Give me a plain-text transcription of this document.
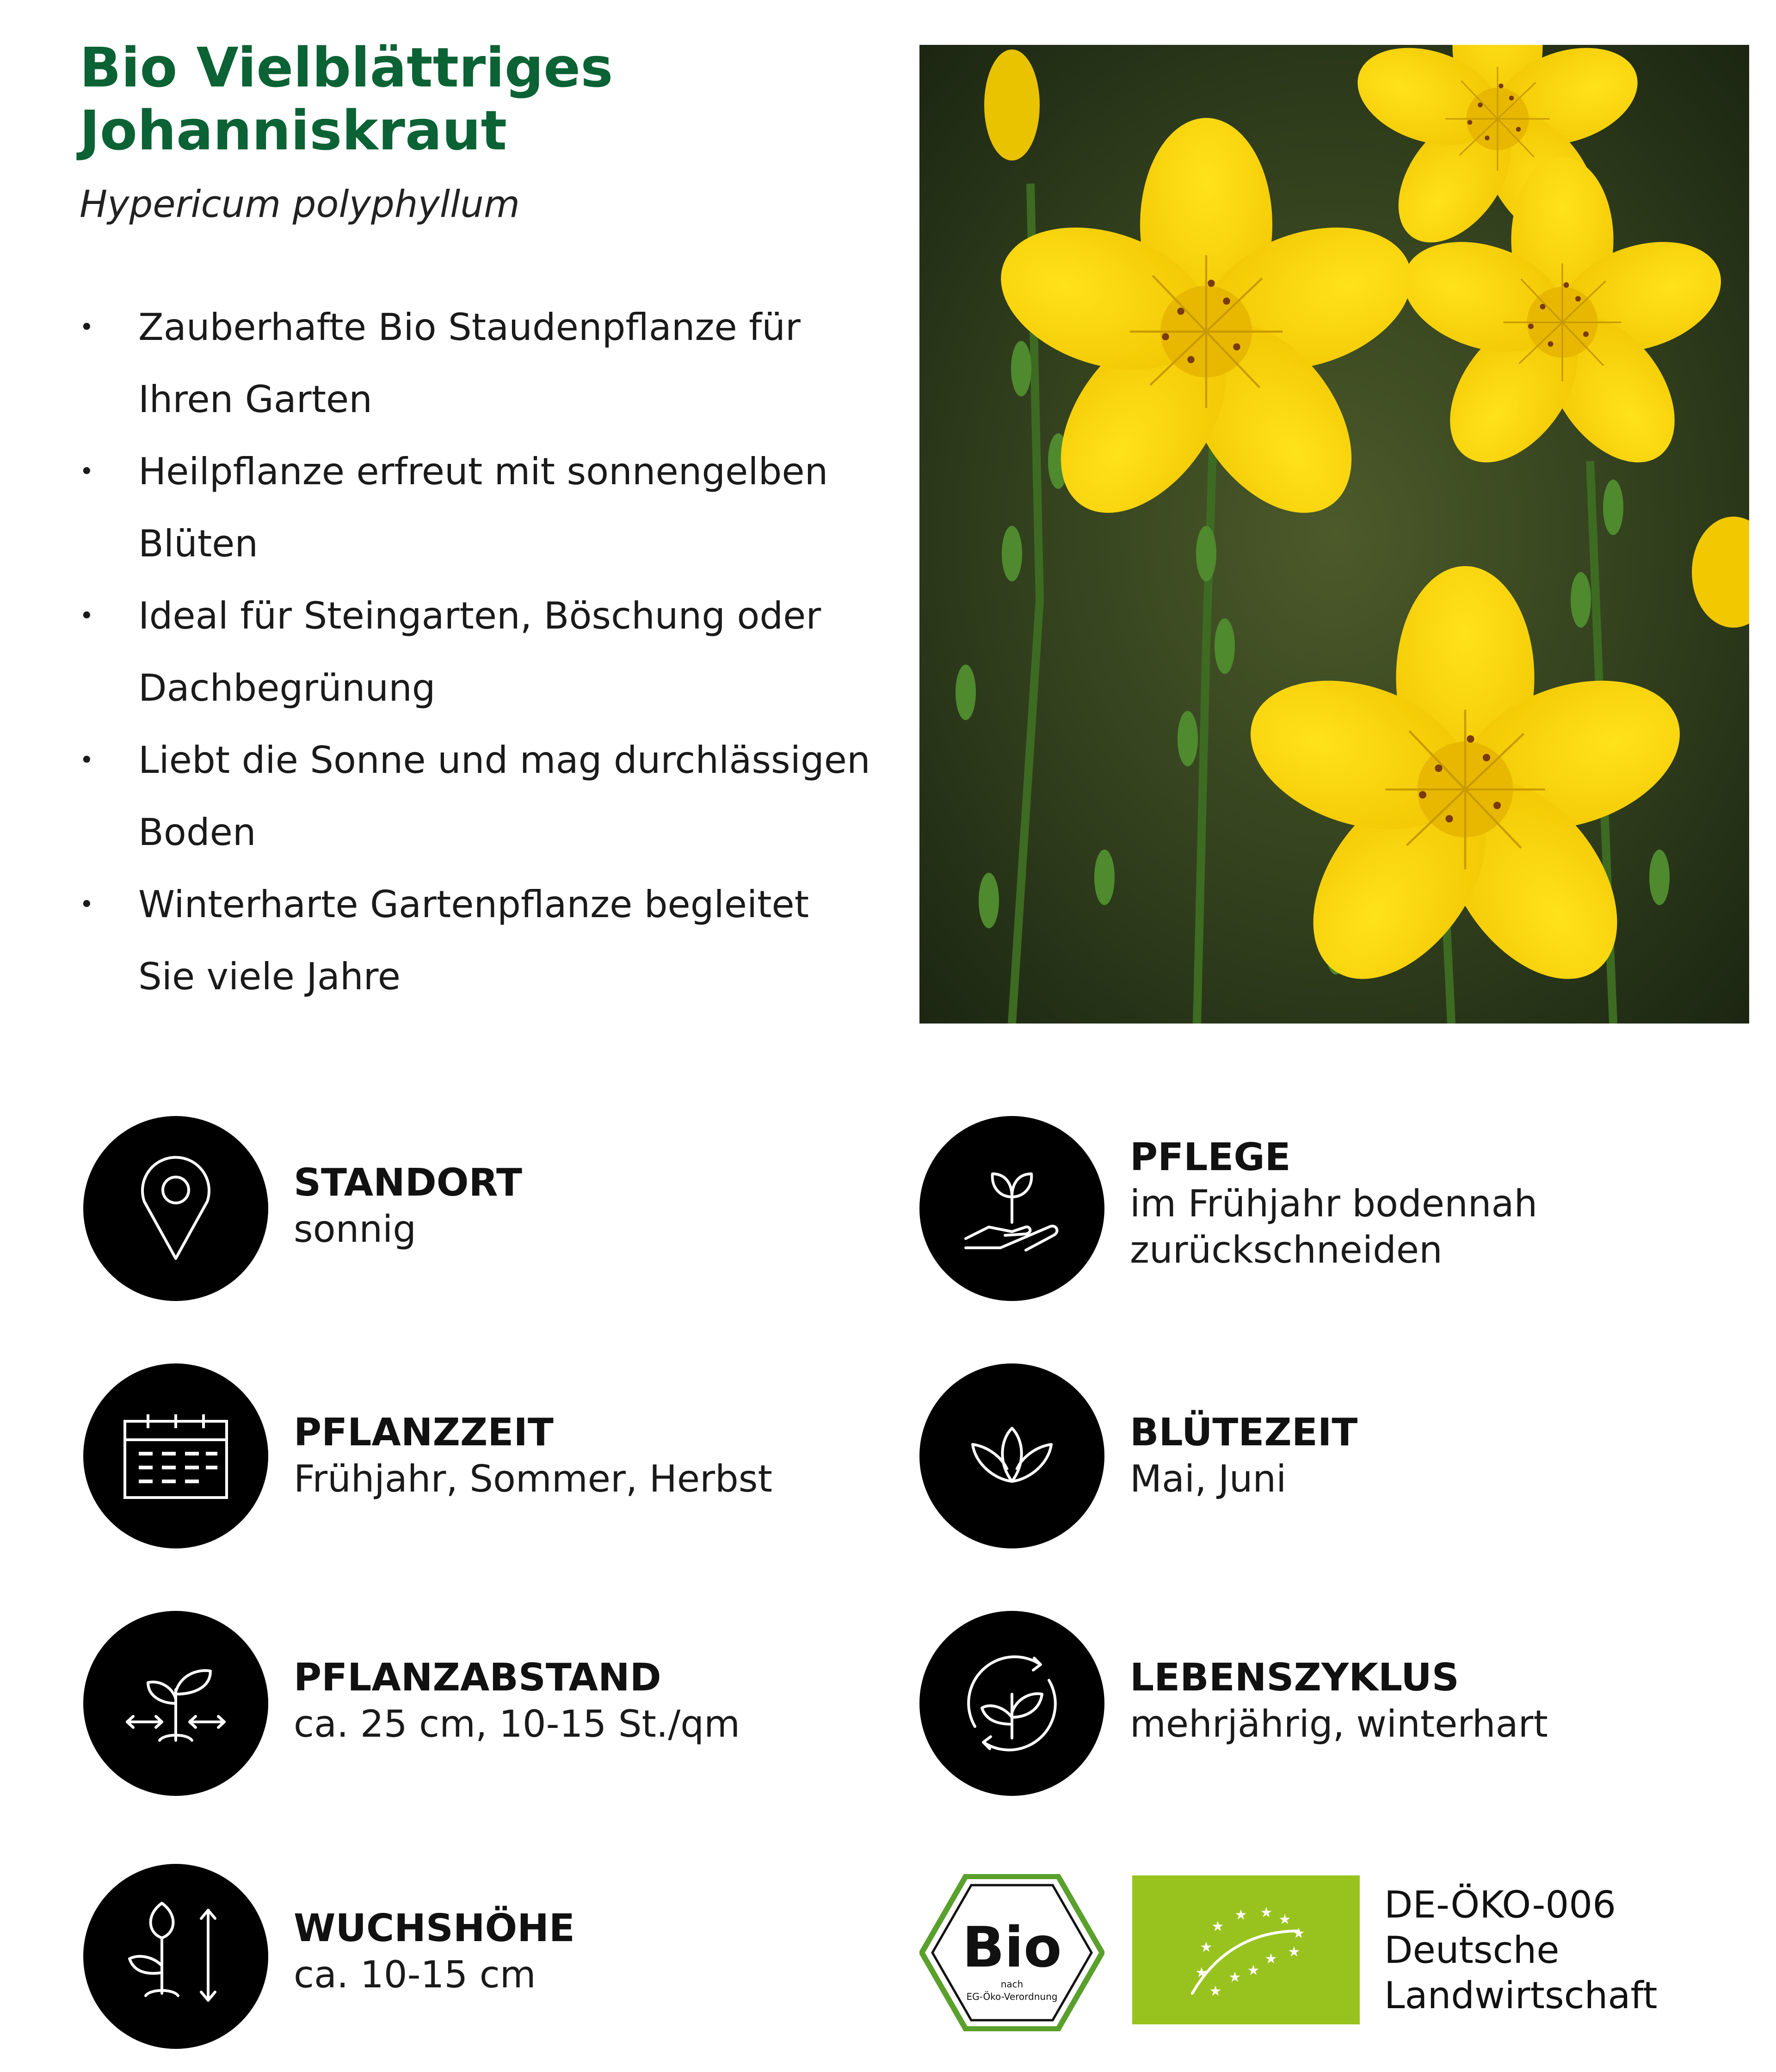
Bio Vielblättriges
Johanniskraut
Hypericum polyphyllum
• Zauberhafte Bio Staudenpflanze für
Ihren Garten
• Heilpflanze erfreut mit sonnengelben
Blüten
• Ideal für Steingarten, Böschung oder
Dachbegrünung
• Liebt die Sonne und mag durchlässigen
Boden
• Winterharte Gartenpflanze begleitet
Sie viele Jahre
STANDORT
sonnig
PFLEGE
im Frühjahr bodennah
zurückschneiden
PFLANZZEIT
Frühjahr, Sommer, Herbst
BLÜTEZEIT
Mai, Juni
PFLANZABSTAND
ca. 25 cm, 10-15 St./qm
LEBENSZYKLUS
mehrjährig, winterhart
WUCHSHÖHE
ca. 10-15 cm	Bio
nach
EG-Öko-Verordnung	★
★ ★
★
★
★
★ ★ ★
★
★
★
DE-ÖKO-006
Deutsche
Landwirtschaft
